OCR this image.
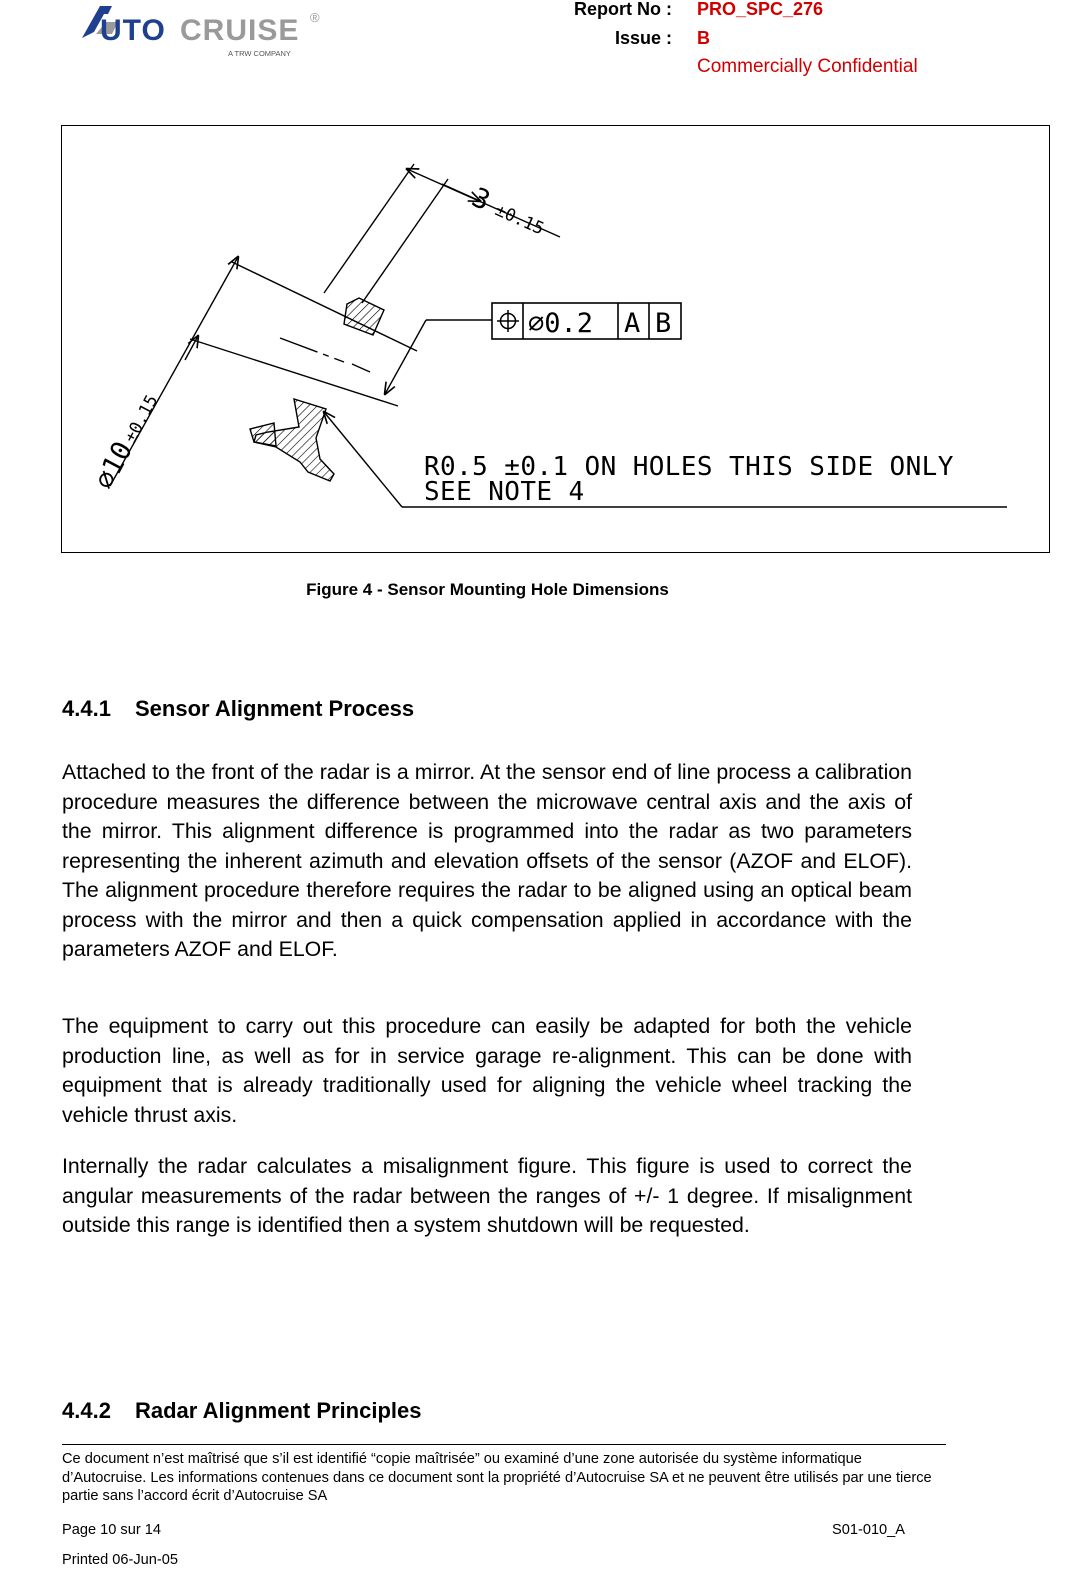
UTO CRUISE ®
A TRW COMPANY
Report No : PRO_SPC_276
Issue : B
Commercially Confidential
3
±0.15
∅10
±0.15
∅0.2 A B
R0.5 ±0.1 ON HOLES THIS SIDE ONLY
SEE NOTE 4
Figure 4 - Sensor Mounting Hole Dimensions
4.4.1 Sensor Alignment Process
Attached to the front of the radar is a mirror. At the sensor end of line process a calibration procedure measures the difference between the microwave central axis and the axis of the mirror. This alignment difference is programmed into the radar as two parameters representing the inherent azimuth and elevation offsets of the sensor (AZOF and ELOF). The alignment procedure therefore requires the radar to be aligned using an optical beam process with the mirror and then a quick compensation applied in accordance with the parameters AZOF and ELOF.
The equipment to carry out this procedure can easily be adapted for both the vehicle production line, as well as for in service garage re-alignment. This can be done with equipment that is already traditionally used for aligning the vehicle wheel tracking the vehicle thrust axis.
Internally the radar calculates a misalignment figure. This figure is used to correct the angular measurements of the radar between the ranges of +/- 1 degree. If misalignment outside this range is identified then a system shutdown will be requested.
4.4.2 Radar Alignment Principles
Ce document n’est maîtrisé que s’il est identifié “copie maîtrisée” ou examiné d’une zone autorisée du système informatique d’Autocruise. Les informations contenues dans ce document sont la propriété d’Autocruise SA et ne peuvent être utilisés par une tierce partie sans l’accord écrit d’Autocruise SA
Page 10 sur 14	S01-010_A
Printed 06-Jun-05
